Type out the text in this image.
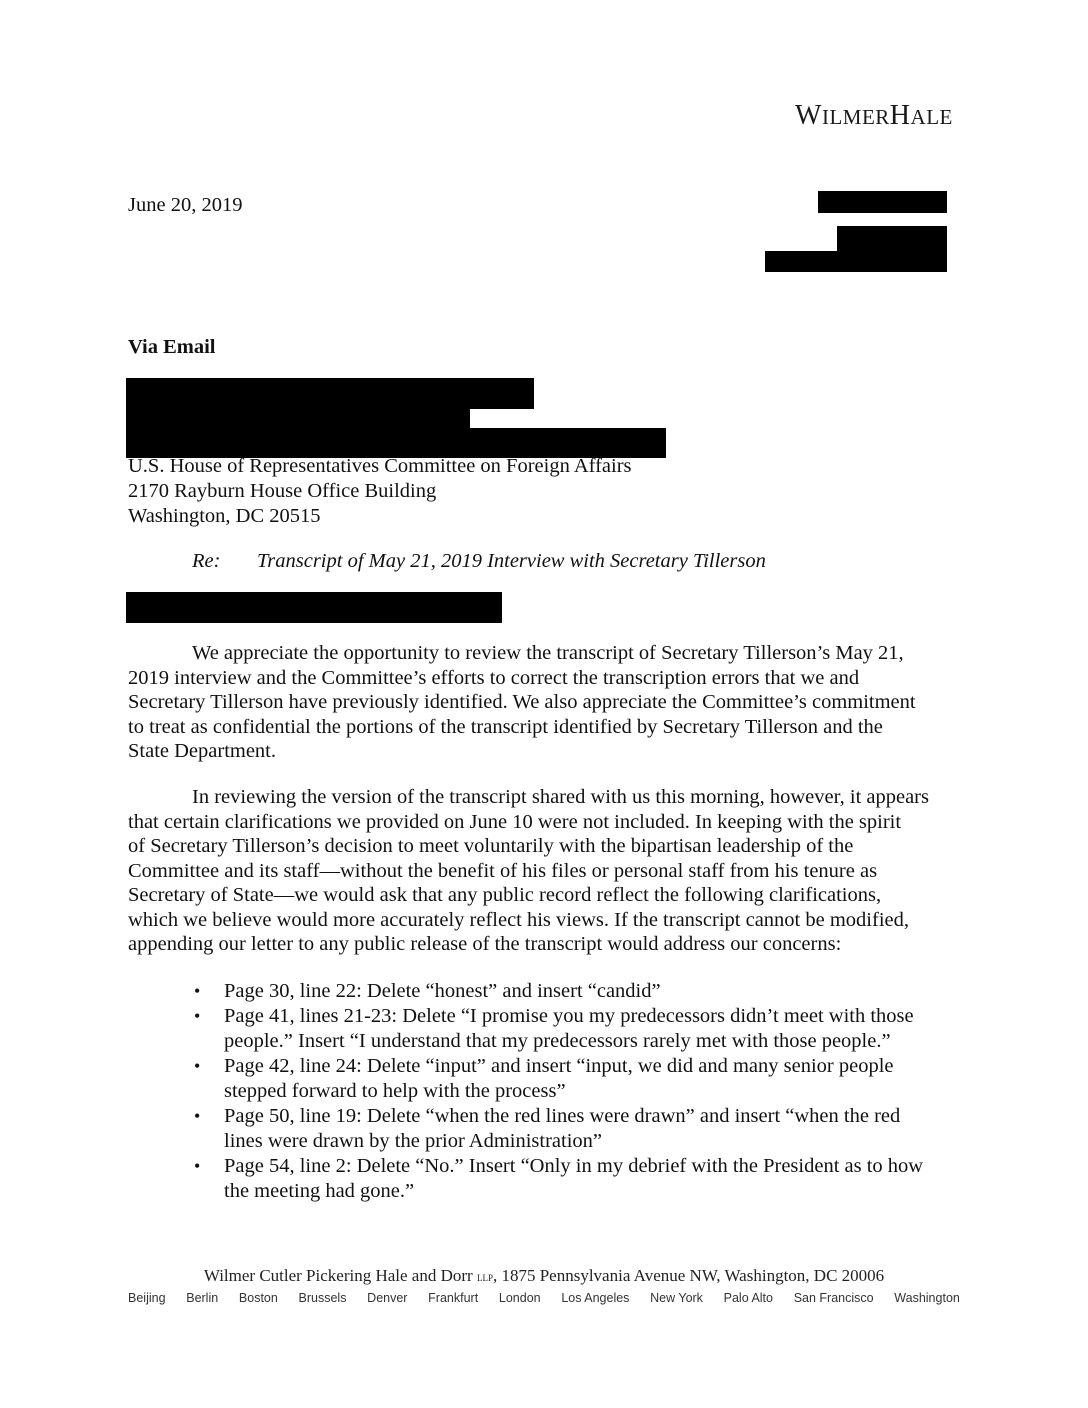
WILMERHALE
June 20, 2019
Via Email
U.S. House of Representatives Committee on Foreign Affairs
2170 Rayburn House Office Building
Washington, DC 20515
Re: Transcript of May 21, 2019 Interview with Secretary Tillerson
We appreciate the opportunity to review the transcript of Secretary Tillerson’s May 21,
2019 interview and the Committee’s efforts to correct the transcription errors that we and
Secretary Tillerson have previously identified. We also appreciate the Committee’s commitment
to treat as confidential the portions of the transcript identified by Secretary Tillerson and the
State Department.
In reviewing the version of the transcript shared with us this morning, however, it appears
that certain clarifications we provided on June 10 were not included. In keeping with the spirit
of Secretary Tillerson’s decision to meet voluntarily with the bipartisan leadership of the
Committee and its staff—without the benefit of his files or personal staff from his tenure as
Secretary of State—we would ask that any public record reflect the following clarifications,
which we believe would more accurately reflect his views. If the transcript cannot be modified,
appending our letter to any public release of the transcript would address our concerns:
• Page 30, line 22: Delete “honest” and insert “candid”
• Page 41, lines 21-23: Delete “I promise you my predecessors didn’t meet with those
people.” Insert “I understand that my predecessors rarely met with those people.”
• Page 42, line 24: Delete “input” and insert “input, we did and many senior people
stepped forward to help with the process”
• Page 50, line 19: Delete “when the red lines were drawn” and insert “when the red
lines were drawn by the prior Administration”
• Page 54, line 2: Delete “No.” Insert “Only in my debrief with the President as to how
the meeting had gone.”
Wilmer Cutler Pickering Hale and Dorr llp, 1875 Pennsylvania Avenue NW, Washington, DC 20006
Beijing Berlin Boston Brussels Denver Frankfurt London Los Angeles New York Palo Alto San Francisco Washington
